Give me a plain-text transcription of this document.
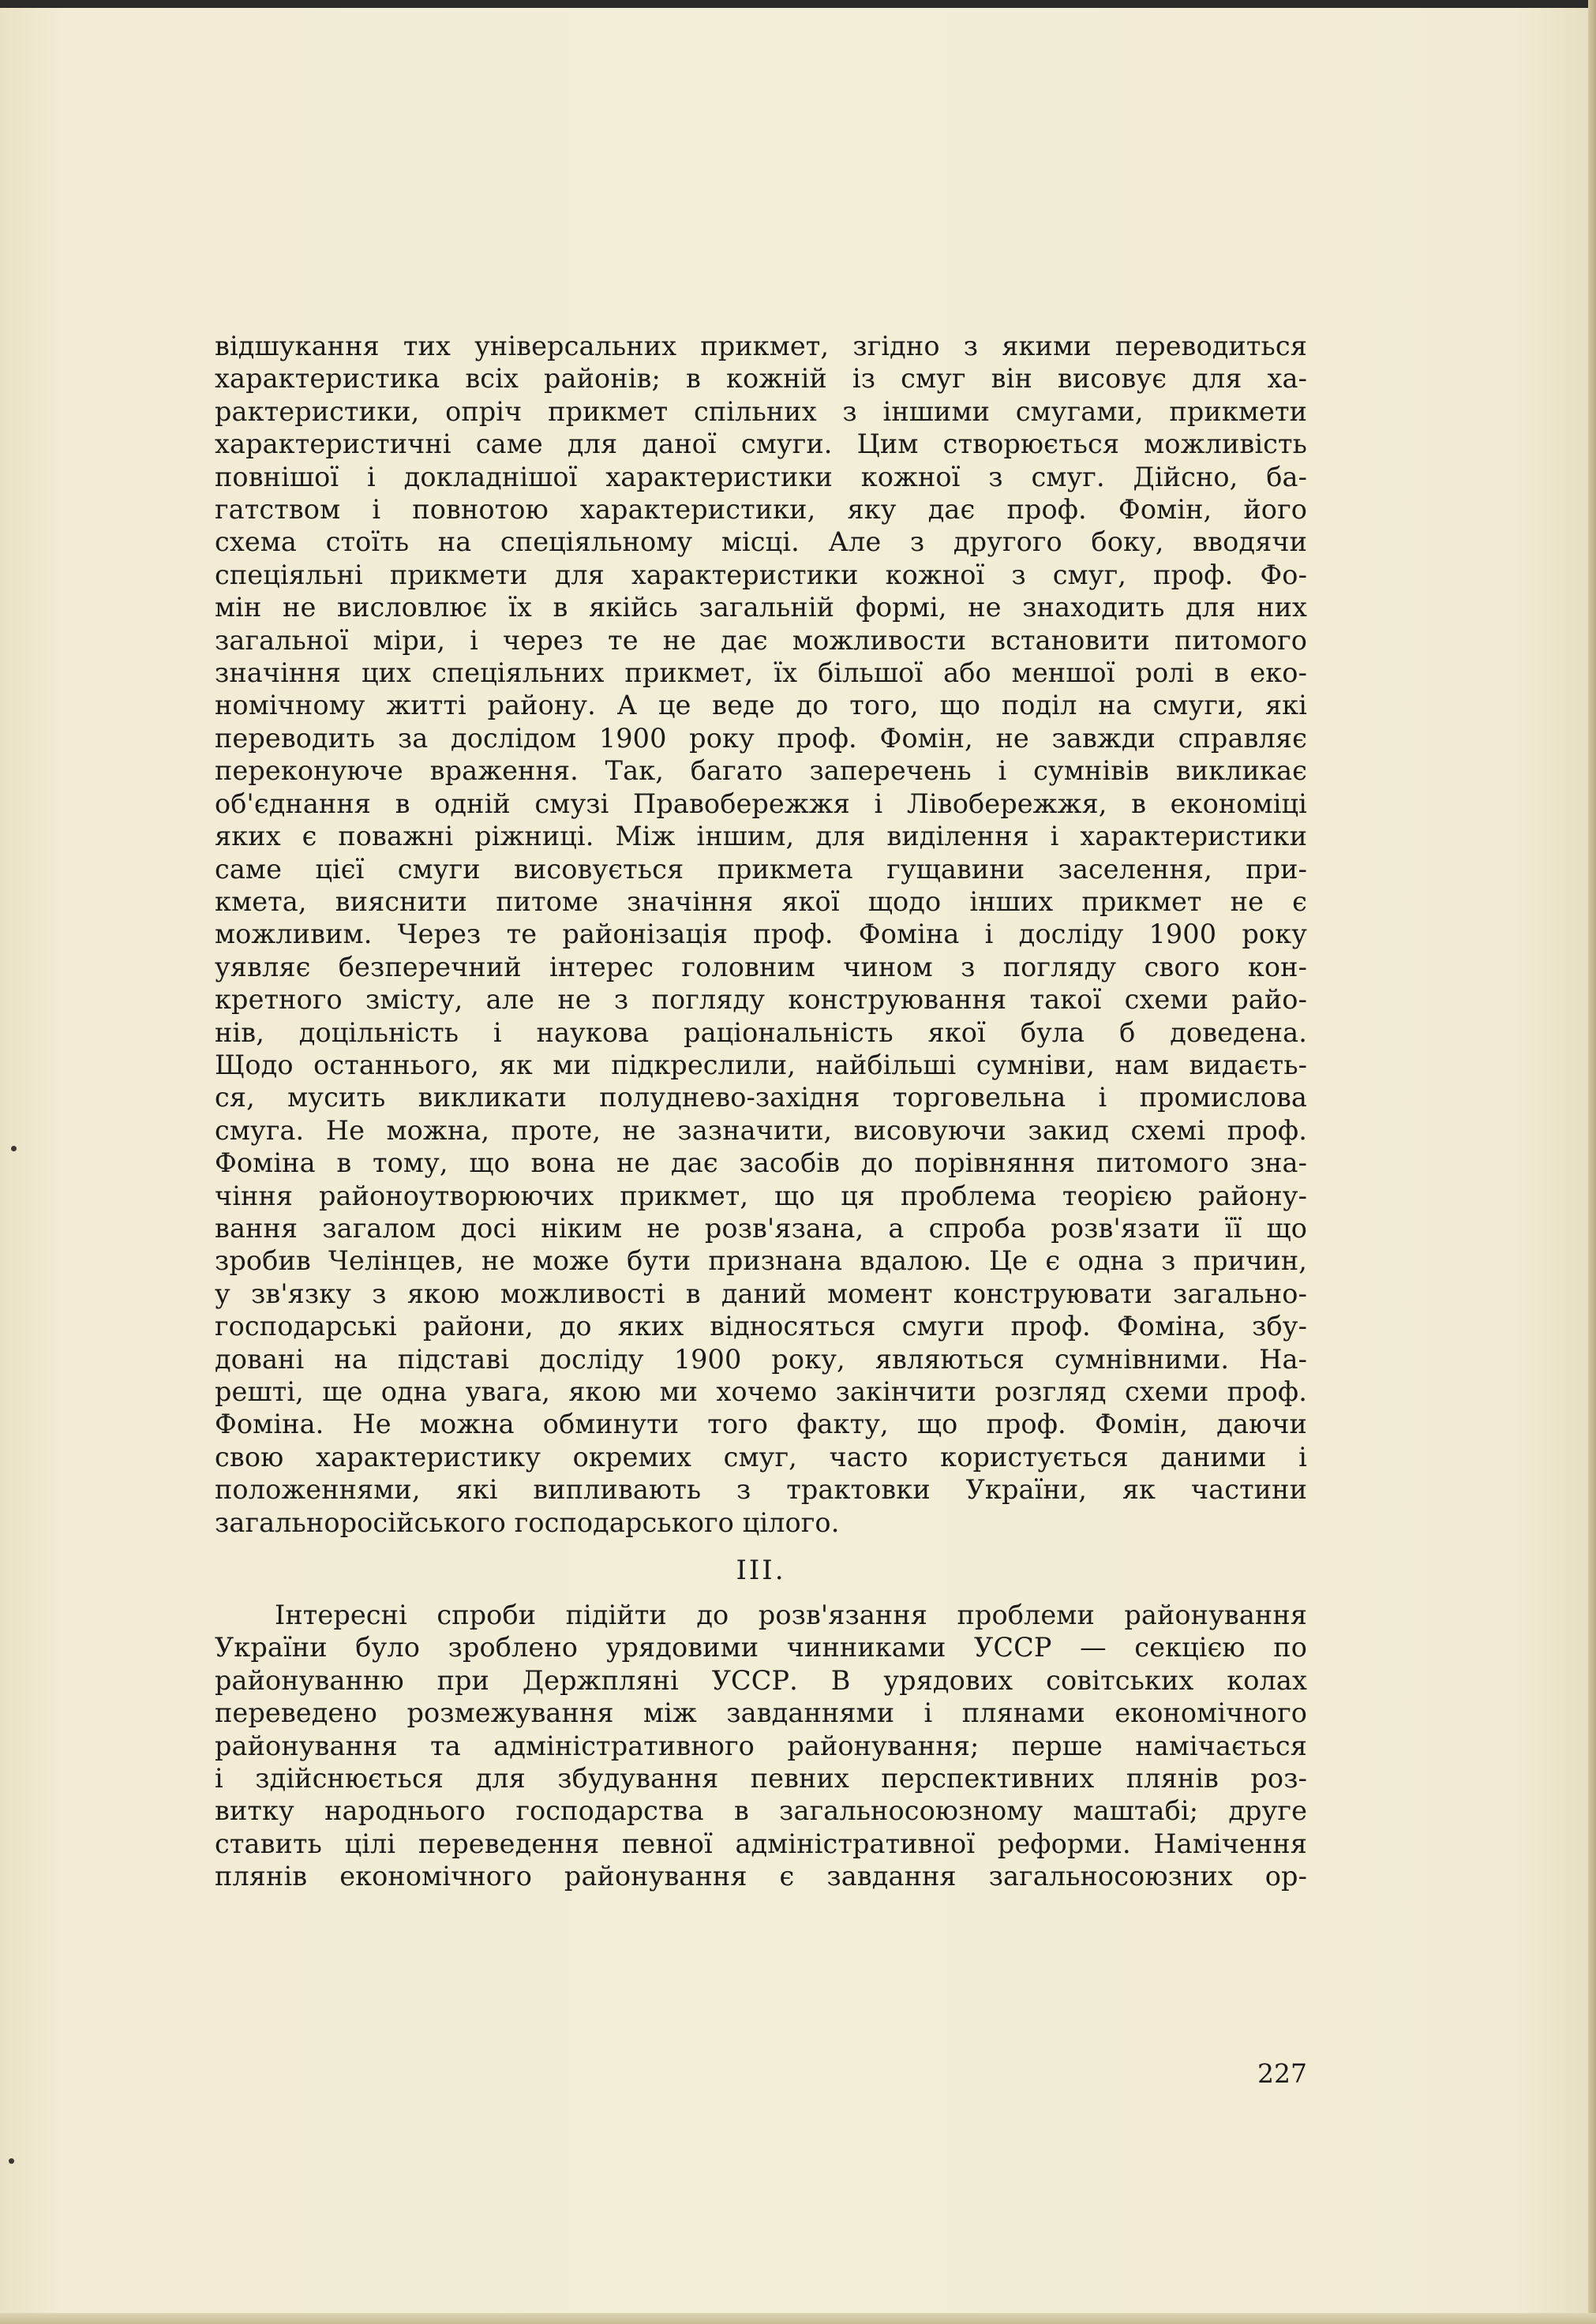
відшукання тих універсальних прикмет, згідно з якими переводиться
характеристика всіх районів; в кожній із смуг він висовує для ха-
рактеристики, опріч прикмет спільних з іншими смугами, прикмети
характеристичні саме для даної смуги. Цим створюється можливість
повнішої і докладнішої характеристики кожної з смуг. Дійсно, ба-
гатством і повнотою характеристики, яку дає проф. Фомін, його
схема стоїть на спеціяльному місці. Але з другого боку, вводячи
спеціяльні прикмети для характеристики кожної з смуг, проф. Фо-
мін не висловлює їх в якійсь загальній формі, не знаходить для них
загальної міри, і через те не дає можливости встановити питомого
значіння цих спеціяльних прикмет, їх більшої або меншої ролі в еко-
номічному житті району. А це веде до того, що поділ на смуги, які
переводить за дослідом 1900 року проф. Фомін, не завжди справляє
переконуюче враження. Так, багато заперечень і сумнівів викликає
об'єднання в одній смузі Правобережжя і Лівобережжя, в економіці
яких є поважні ріжниці. Між іншим, для виділення і характеристики
саме цієї смуги висовується прикмета гущавини заселення, при-
кмета, вияснити питоме значіння якої щодо інших прикмет не є
можливим. Через те районізація проф. Фоміна і досліду 1900 року
уявляє безперечний інтерес головним чином з погляду свого кон-
кретного змісту, але не з погляду конструювання такої схеми райо-
нів, доцільність і наукова раціональність якої була б доведена.
Щодо останнього, як ми підкреслили, найбільші сумніви, нам видаєть-
ся, мусить викликати полуднево-західня торговельна і промислова
смуга. Не можна, проте, не зазначити, висовуючи закид схемі проф.
Фоміна в тому, що вона не дає засобів до порівняння питомого зна-
чіння районоутворюючих прикмет, що ця проблема теорією району-
вання загалом досі ніким не розв'язана, а спроба розв'язати її що
зробив Челінцев, не може бути признана вдалою. Це є одна з причин,
у зв'язку з якою можливості в даний момент конструювати загально-
господарські райони, до яких відносяться смуги проф. Фоміна, збу-
довані на підставі досліду 1900 року, являються сумнівними. На-
решті, ще одна увага, якою ми хочемо закінчити розгляд схеми проф.
Фоміна. Не можна обминути того факту, що проф. Фомін, даючи
свою характеристику окремих смуг, часто користується даними і
положеннями, які випливають з трактовки України, як частини
загальноросійського господарського цілого.

III.

Інтересні спроби підійти до розв'язання проблеми районування
України було зроблено урядовими чинниками УССР — секцією по
районуванню при Держпляні УССР. В урядових совітських колах
переведено розмежування між завданнями і плянами економічного
районування та адміністративного районування; перше намічається
і здійснюється для збудування певних перспективних плянів роз-
витку народнього господарства в загальносоюзному маштабі; друге
ставить цілі переведення певної адміністративної реформи. Намічення
плянів економічного районування є завдання загальносоюзних ор-

227
